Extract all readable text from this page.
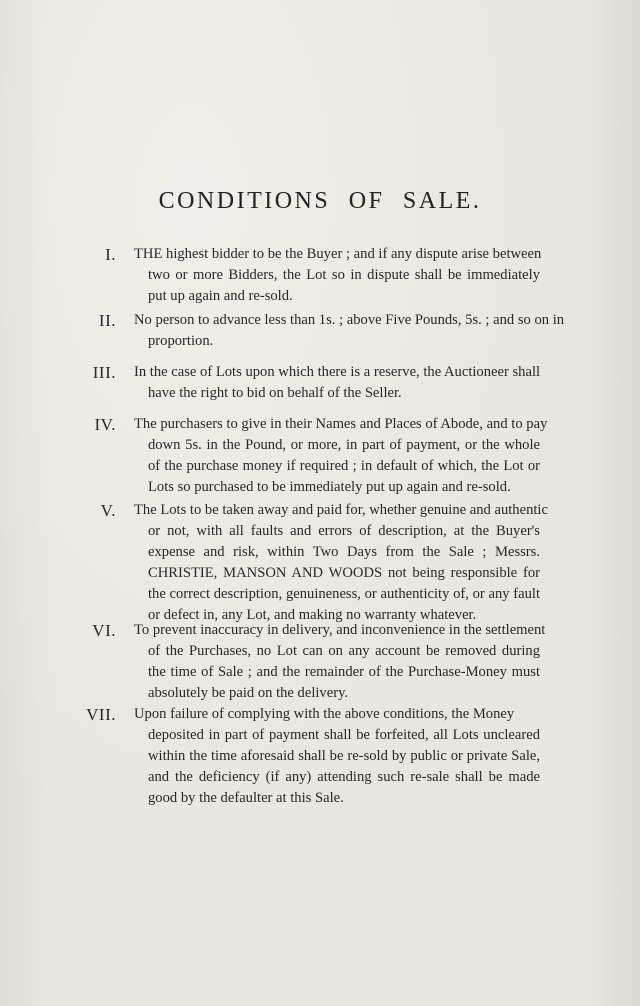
CONDITIONS OF SALE.
I. THE highest bidder to be the Buyer ; and if any dispute arise between
two or more Bidders, the Lot so in dispute shall be immediately put up again and re-sold.
II. No person to advance less than 1s. ; above Five Pounds, 5s. ; and so on in
proportion.
III. In the case of Lots upon which there is a reserve, the Auctioneer shall
have the right to bid on behalf of the Seller.
IV. The purchasers to give in their Names and Places of Abode, and to pay
down 5s. in the Pound, or more, in part of payment, or the whole of the purchase money if required ; in default of which, the Lot or Lots so purchased to be immediately put up again and re-sold.
V. The Lots to be taken away and paid for, whether genuine and authentic
or not, with all faults and errors of description, at the Buyer's expense and risk, within Two Days from the Sale ; Messrs. CHRISTIE, MANSON AND WOODS not being responsible for the correct description, genuineness, or authenticity of, or any fault or defect in, any Lot, and making no warranty whatever.
VI. To prevent inaccuracy in delivery, and inconvenience in the settlement
of the Purchases, no Lot can on any account be removed during the time of Sale ; and the remainder of the Purchase-Money must absolutely be paid on the delivery.
VII. Upon failure of complying with the above conditions, the Money
deposited in part of payment shall be forfeited, all Lots uncleared within the time aforesaid shall be re-sold by public or private Sale, and the deficiency (if any) attending such re-sale shall be made good by the defaulter at this Sale.
